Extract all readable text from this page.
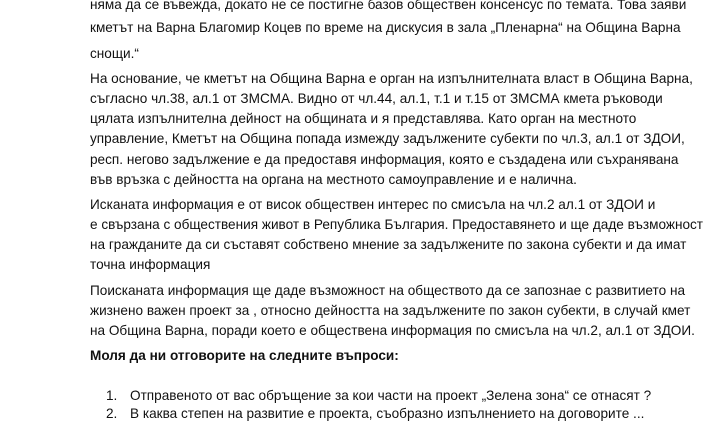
няма да се въвежда, докато не се постигне базов обществен консенсус по темата. Това заяви
кметът на Варна Благомир Коцев по време на дискусия в зала „Пленарна“ на Община Варна
снощи.“
На основание, че кметът на Община Варна е орган на изпълнителната власт в Община Варна,
съгласно чл.38, ал.1 от ЗМСМА. Видно от чл.44, ал.1, т.1 и т.15 от ЗМСМА кмета ръководи
цялата изпълнителна дейност на общината и я представлява. Като орган на местното
управление, Кметът на Община попада измежду задължените субекти по чл.3, ал.1 от ЗДОИ,
респ. негово задължение е да предоставя информация, която е създадена или съхранявана
във връзка с дейността на органа на местното самоуправление и е налична.
Исканата информация е от висок обществен интерес по смисъла на чл.2 ал.1 от ЗДОИ и
е свързана с обществения живот в Република България. Предоставянето и ще даде възможност
на гражданите да си съставят собствено мнение за задължените по закона субекти и да имат
точна информация
Поисканата информация ще даде възможност на обществото да се запознае с развитието на
жизнено важен проект за , относно дейността на задължените по закон субекти, в случай кмет
на Община Варна, поради което е обществена информация по смисъла на чл.2, ал.1 от ЗДОИ.
Моля да ни отговорите на следните въпроси:
1. Отправеното от вас обръщение за кои части на проект „Зелена зона“ се отнасят ?
2. В каква степен на развитие е проекта, съобразно изпълнението на договорите ...
